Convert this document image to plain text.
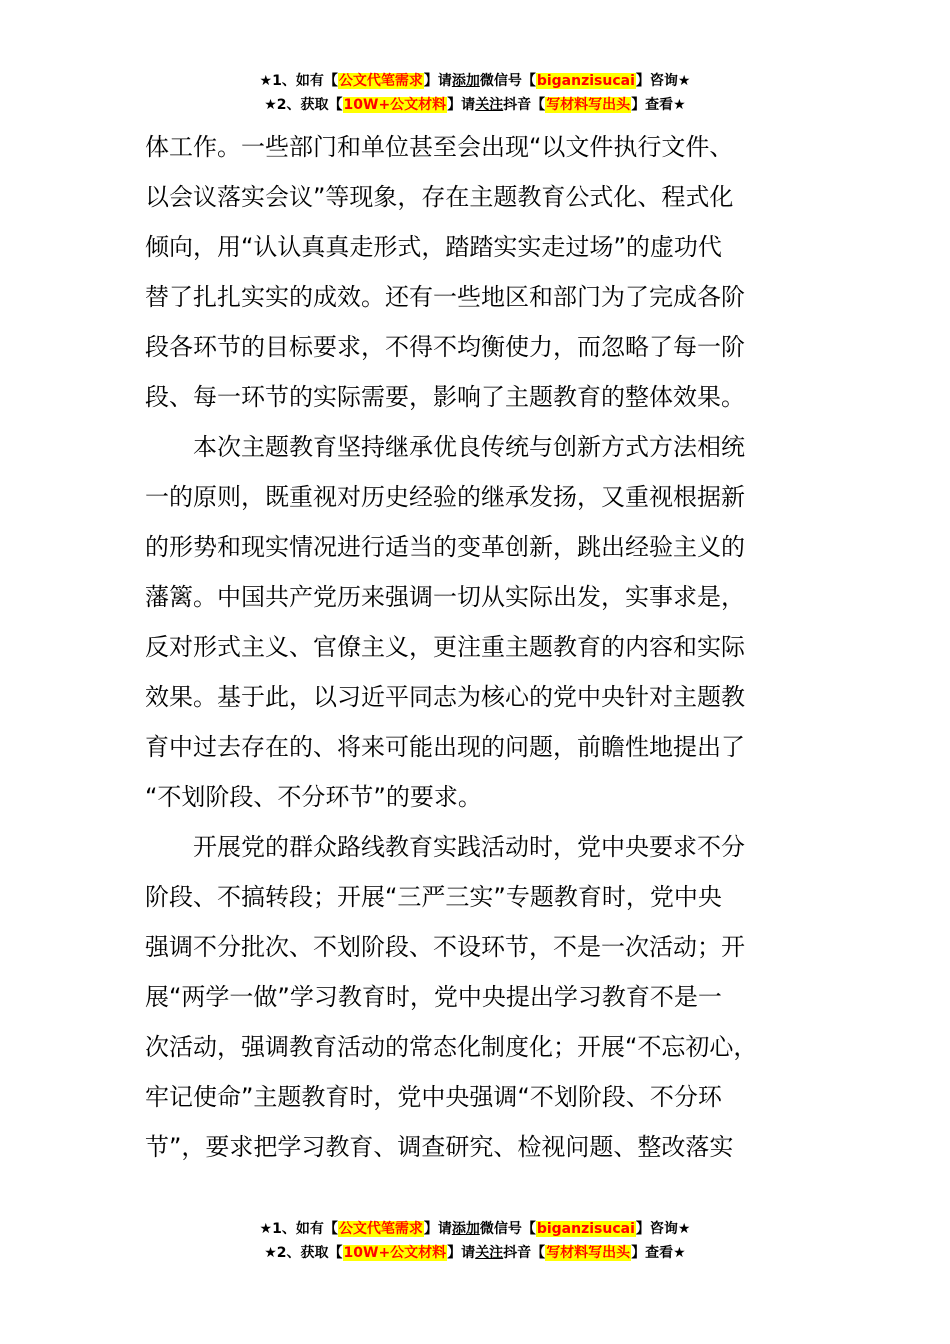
★1、如有【公文代笔需求】请添加微信号【biganzisucai】咨询★
★2、获取【10W+公文材料】请关注抖音【写材料写出头】查看★

体工作。一些部门和单位甚至会出现“以文件执行文件、
以会议落实会议”等现象，存在主题教育公式化、程式化
倾向，用“认认真真走形式，踏踏实实走过场”的虚功代
替了扎扎实实的成效。还有一些地区和部门为了完成各阶
段各环节的目标要求，不得不均衡使力，而忽略了每一阶
段、每一环节的实际需要，影响了主题教育的整体效果。

本次主题教育坚持继承优良传统与创新方式方法相统
一的原则，既重视对历史经验的继承发扬，又重视根据新
的形势和现实情况进行适当的变革创新，跳出经验主义的
藩篱。中国共产党历来强调一切从实际出发，实事求是，
反对形式主义、官僚主义，更注重主题教育的内容和实际
效果。基于此，以习近平同志为核心的党中央针对主题教
育中过去存在的、将来可能出现的问题，前瞻性地提出了
“不划阶段、不分环节”的要求。

开展党的群众路线教育实践活动时，党中央要求不分
阶段、不搞转段；开展“三严三实”专题教育时，党中央
强调不分批次、不划阶段、不设环节，不是一次活动；开
展“两学一做”学习教育时，党中央提出学习教育不是一
次活动，强调教育活动的常态化制度化；开展“不忘初心，
牢记使命”主题教育时，党中央强调“不划阶段、不分环
节”，要求把学习教育、调查研究、检视问题、整改落实

★1、如有【公文代笔需求】请添加微信号【biganzisucai】咨询★
★2、获取【10W+公文材料】请关注抖音【写材料写出头】查看★
